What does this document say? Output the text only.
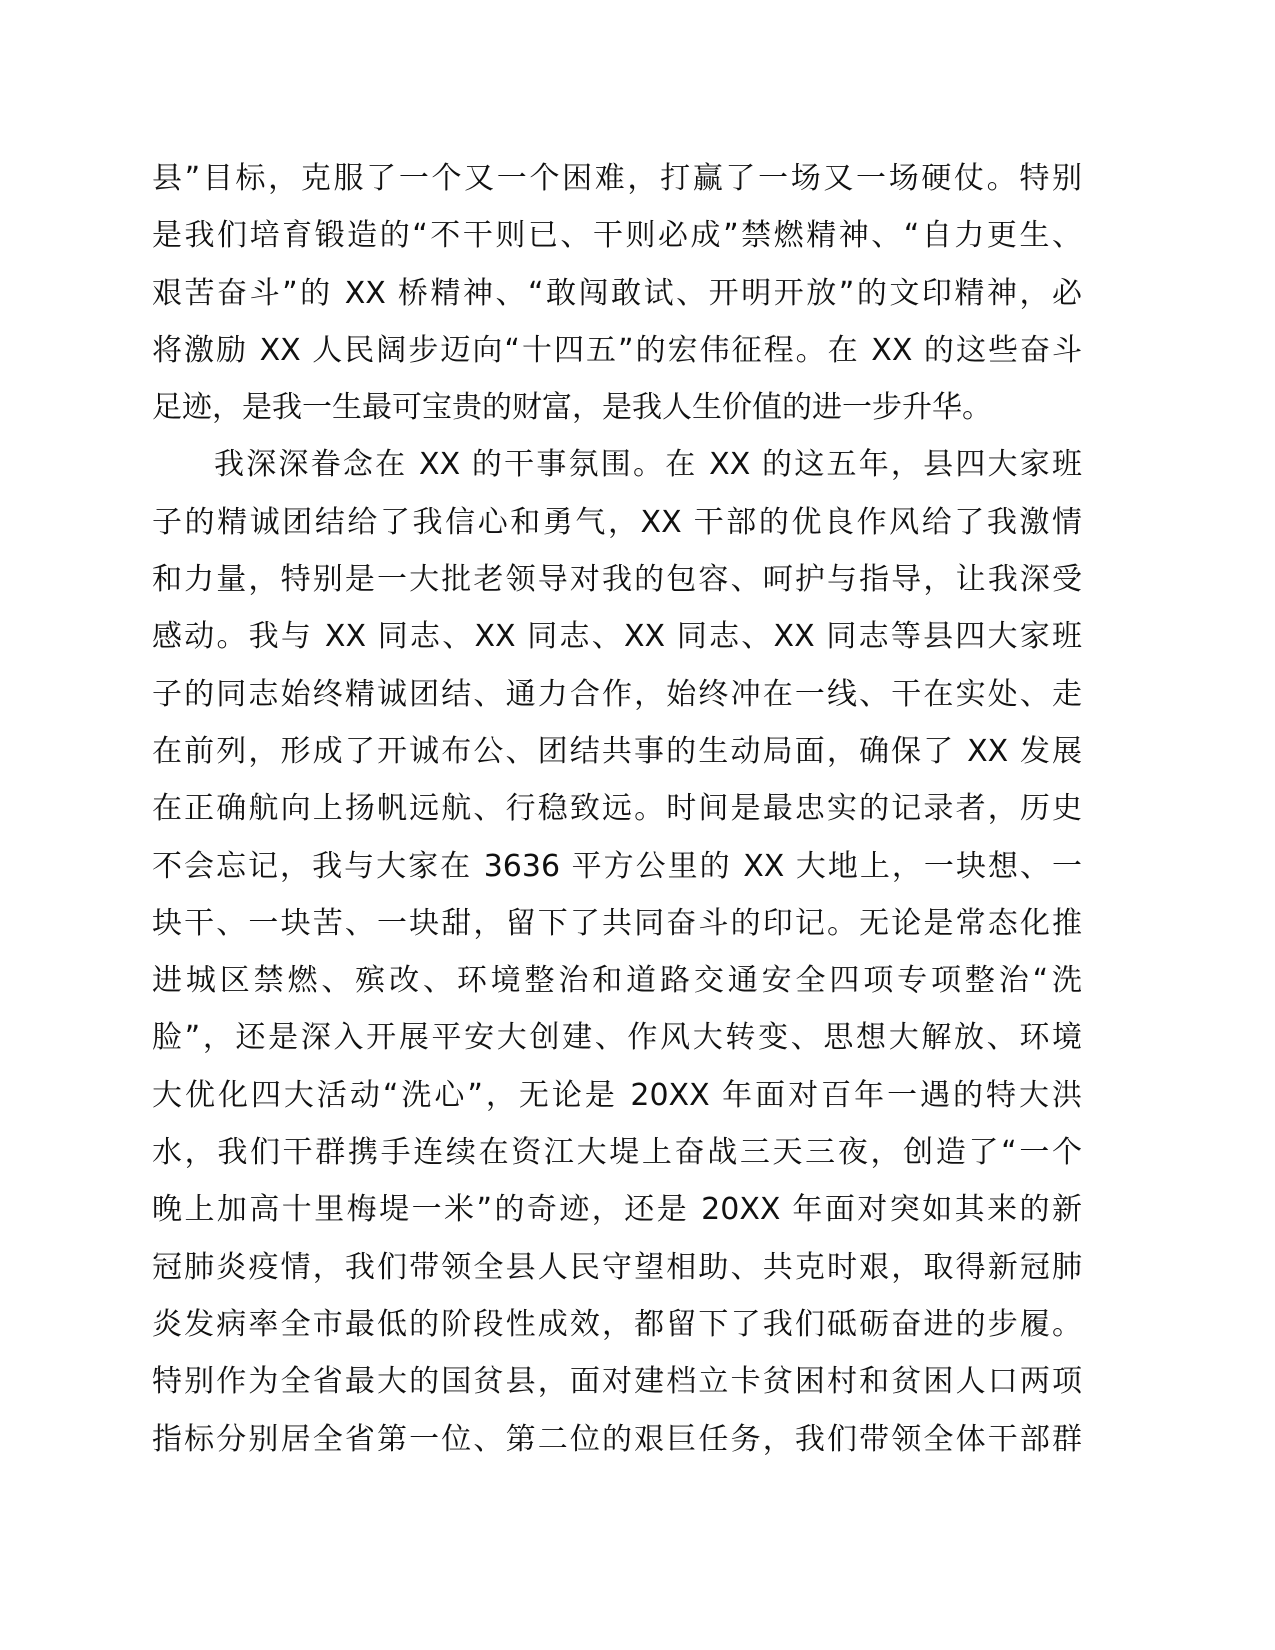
县”目标，克服了一个又一个困难，打赢了一场又一场硬仗。特别
是我们培育锻造的“不干则已、干则必成”禁燃精神、“自力更生、
艰苦奋斗”的 XX 桥精神、“敢闯敢试、开明开放”的文印精神，必
将激励 XX 人民阔步迈向“十四五”的宏伟征程。在 XX 的这些奋斗
足迹，是我一生最可宝贵的财富，是我人生价值的进一步升华。
我深深眷念在 XX 的干事氛围。在 XX 的这五年，县四大家班
子的精诚团结给了我信心和勇气，XX 干部的优良作风给了我激情
和力量，特别是一大批老领导对我的包容、呵护与指导，让我深受
感动。我与 XX 同志、XX 同志、XX 同志、XX 同志等县四大家班
子的同志始终精诚团结、通力合作，始终冲在一线、干在实处、走
在前列，形成了开诚布公、团结共事的生动局面，确保了 XX 发展
在正确航向上扬帆远航、行稳致远。时间是最忠实的记录者，历史
不会忘记，我与大家在 3636 平方公里的 XX 大地上，一块想、一
块干、一块苦、一块甜，留下了共同奋斗的印记。无论是常态化推
进城区禁燃、殡改、环境整治和道路交通安全四项专项整治“洗
脸”，还是深入开展平安大创建、作风大转变、思想大解放、环境
大优化四大活动“洗心”，无论是 20XX 年面对百年一遇的特大洪
水，我们干群携手连续在资江大堤上奋战三天三夜，创造了“一个
晚上加高十里梅堤一米”的奇迹，还是 20XX 年面对突如其来的新
冠肺炎疫情，我们带领全县人民守望相助、共克时艰，取得新冠肺
炎发病率全市最低的阶段性成效，都留下了我们砥砺奋进的步履。
特别作为全省最大的国贫县，面对建档立卡贫困村和贫困人口两项
指标分别居全省第一位、第二位的艰巨任务，我们带领全体干部群
